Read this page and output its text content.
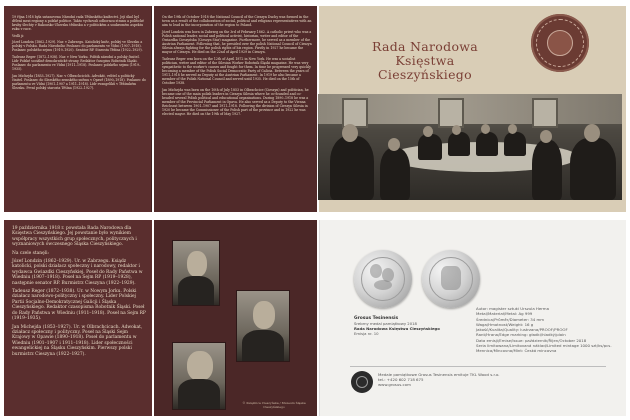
19 října 1918 byla ustanovena Národní rada Těšínského knížectví. Její úkol byl dělení mezi regiony a polské politice. Takto vychovali odbornou stranu a politické kruhy šlechty v Rakousko-Uhersku těšínsku a v politickém a soukromém aspektu ruku v ruce.

Vedli ji:

Józef Londzin (1862–1929). Nar. v Zabrzegu. Katolický kněz, polský ve Slezsku a polský v Polsku. Rada Národního Poslanec do parlamentu ve Vídni (1907–1918). Poslanec polského sejmu (1919–1920). Senátor RP. Starosta Těšína (1922–1929).

Tadeusz Reger (1872–1938). Nar. v New Yorku. Politik národní a polský činitel. Lídr Polské sociálně demokratické strany. Redaktor časopisu Robotnik Śląski. Poslanec do parlamentu ve Vídni (1911–1918). Poslanec polského sejmu (1919–1935).

Jan Michejda (1853–1927). Nar. v Olbrachcicích. Advokát, velitel a politický činitel. Poslanec do Slezského zemského sněmu v Opavě (1890–1918). Poslanec do parlamentu ve Vídni (1901–1907 a 1911–1918). Lídr evangelíků v Těšínském Slezsku. První polský starosta Těšína (1922–1927).

On the 19th of October 1918 the National Council of the Cieszyn Duchy was formed in the town as a result of the collaboration of social, political and religious representatives with an aim to lead in the incorporation of the region to Poland.

Józef Londzin was born in Zabrzeg on the 3rd of February 1862. A catholic priest who was a Polish national leader, social and political activist, historian, writer and editor of the Gwiazdka Cieszyńska (Cieszyn Star) magazine. Furthermore, he served as a member of the Austrian Parliament. Following that, he presided over the polish National Council of Cieszyn Silesia always fighting for the polish rights of his region. Firstly in 1927 he became the mayor of Cieszyn. He died on the 22nd of April 1929 in Cieszyn.

Tadeusz Reger was born on the 12th of April 1872 in New York. He was a socialist politician, writer and editor of the Silesian Worker Robotnik Śląski magazine. He was very sympathetic to the worker's causes and fought for them. In time he progressed very quickly becoming a member of the Polish Social Democratic Party of Galicia. Between the years of 1911–1918 he served as Deputy at the Austrian Parliament. In 1919 he also became a member of the Polish National Council and served until 1935. He died on the 15th of October 1938.

Jan Michejda was born on the 10th of July 1853 in Olbrachcice (Cieszyn) and politician, he became one of the main polish leaders in Cieszyn Silesia where he co-founded and co-headed several Polish political and educational organisations. During 1890–1918 he was a member of the Provincial Parliament in Opava. He also served as a Deputy to the Vienna Reichsrat between 1901–1907 and 1911–1918. Following the division of Cieszyn Silesia in 1920 he became the Commissioner of the Polish part of the province and in 1922 he was elected mayor. He died on the 19th of May 1927.

Rada Narodowa
Księstwa Cieszyńskiego

19 października 1918 r. powstała Rada Narodowa dla Księstwa Cieszyńskiego. Jej powstanie było wynikiem współpracy wszystkich grup społecznych, politycznych i wyznaniowych ówczesnego Śląska Cieszyńskiego.

Na czele stanęli:

Józef Londzin (1862–1929). Ur. w Zabrzegu. Ksiądz katolicki, polski działacz społeczny i narodowy, redaktor i wydawca Gwiazdki Cieszyńskiej. Poseł do Rady Państwa w Wiedniu (1907–1918). Poseł na Sejm RP (1919–1928), następnie senator RP. Burmistrz Cieszyna (1922–1929).

Tadeusz Reger (1872–1938). Ur. w Nowym Jorku. Polski działacz narodowo-polityczny i społeczny. Lider Polskiej Partii Socjalno-Demokratycznej Galicji i Śląska Cieszyńskiego. Redaktor czasopisma Robotnik Śląski. Poseł do Rady Państwa w Wiedniu (1911–1918). Poseł na Sejm RP (1919–1935).

Jan Michejda (1853–1927). Ur. w Olbrachcicach. Adwokat, działacz społeczny i polityczny. Poseł na Śląski Sejm Krajowy w Opawie (1890–1918). Poseł do parlamentu w Wiedniu (1901–1907 i 1911–1918). Lider społeczności ewangelickiej na Śląsku Cieszyńskim. Pierwszy polski burmistrz Cieszyna (1922–1927).

© Książnica Cieszyńska / Muzeum Śląska Cieszyńskiego
Grosus Tesinensis
Srebrny medal pamiątkowy 2018
Rada Narodowa Księstwa Cieszyńskiego
Emisja nr. 10
Autor: magister sztuki Urszula Herma
Metal/Materiał/Metal: Ag 999
Średnica/Průměr/Diameter: 34 mm
Waga/Hmotnost/Weight: 16 g
Jakość/Kvalita/Quality: lustrzana/PROOF/PROOF
Rant/Hrana/Edge marking: gładki/hladký/plain
Data emisji/Emise/Issue: październik/Říjen/October 2018
Seria limitowana/Limitovaná náklad/Limited mintage 1000 szt/ks/pcs.
Mennica/Mincovna/Mint: Česká mincovna
Medale pamiątkowe Grosus Tesinensis emituje TKL Wood s.r.o.
tel.: +420 602 718 675
www.grosus.com
